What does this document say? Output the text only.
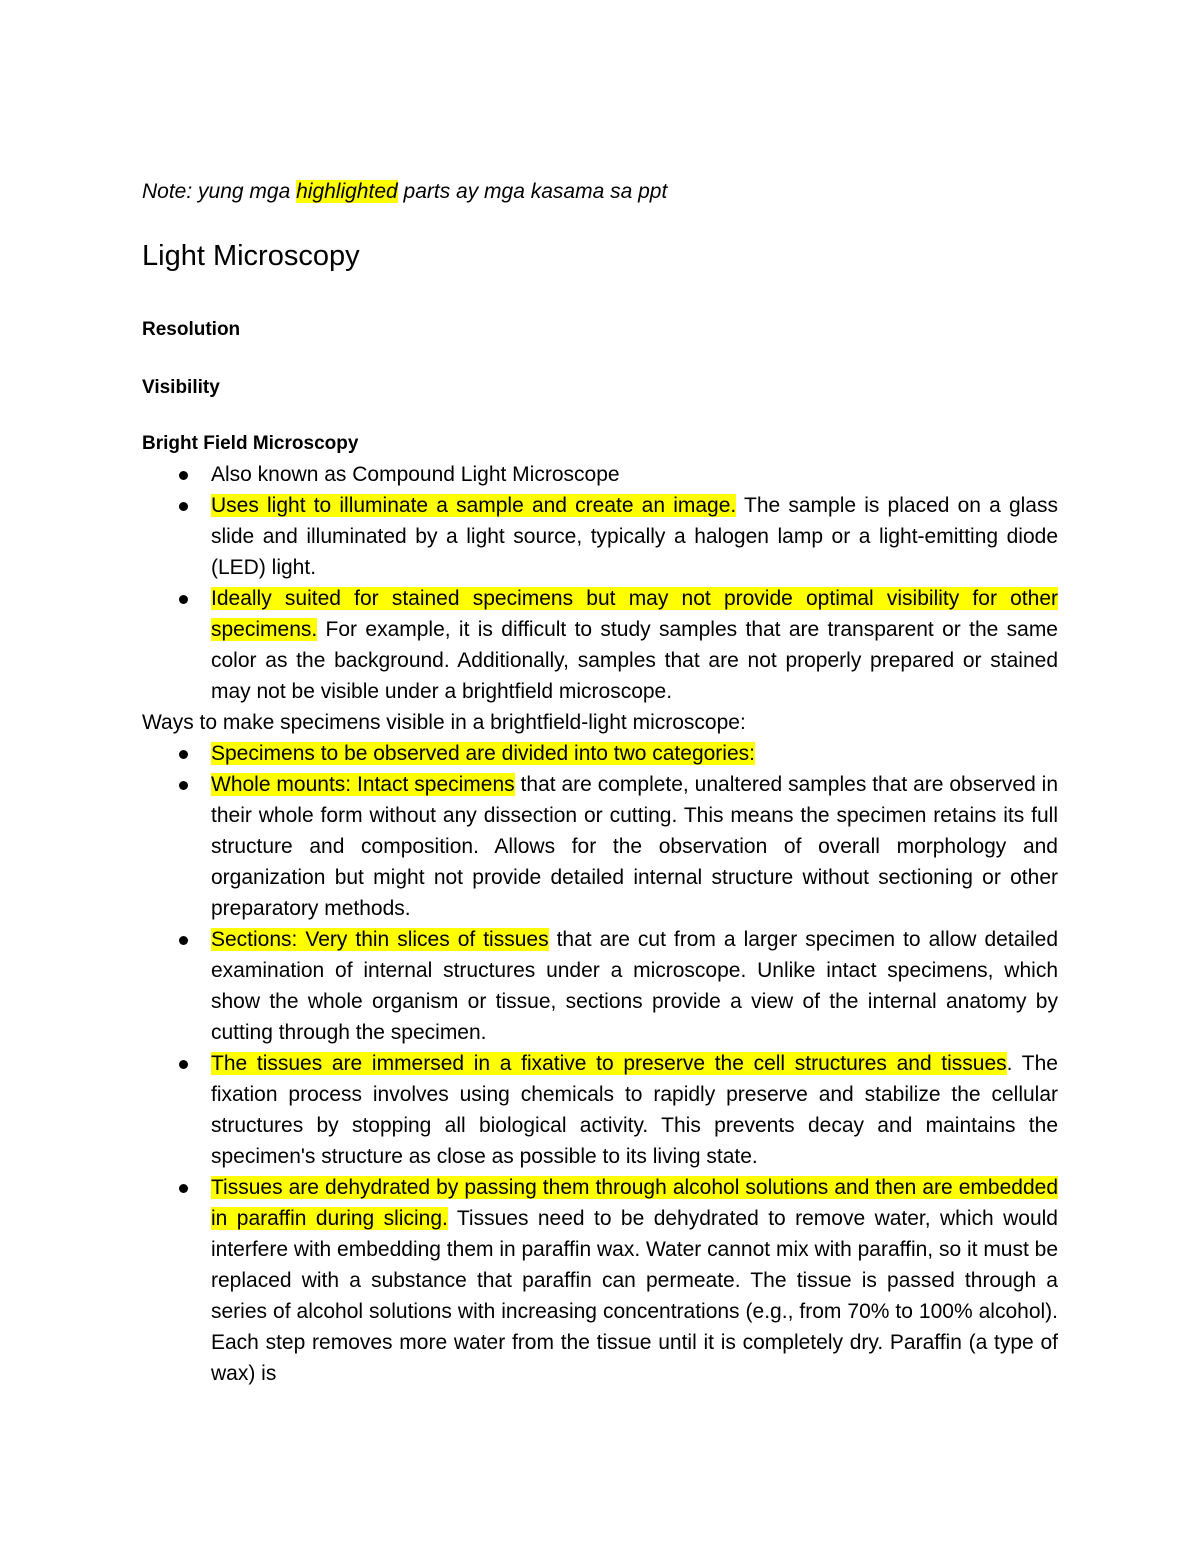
Note: yung mga highlighted parts ay mga kasama sa ppt

Light Microscopy
Resolution
Visibility
Bright Field Microscopy
Also known as Compound Light Microscope
Uses light to illuminate a sample and create an image. The sample is placed on a glass slide and illuminated by a light source, typically a halogen lamp or a light-emitting diode (LED) light.
Ideally suited for stained specimens but may not provide optimal visibility for other specimens. For example, it is difficult to study samples that are transparent or the same color as the background. Additionally, samples that are not properly prepared or stained may not be visible under a brightfield microscope.

Ways to make specimens visible in a brightfield-light microscope:

Specimens to be observed are divided into two categories:
Whole mounts: Intact specimens that are complete, unaltered samples that are observed in their whole form without any dissection or cutting. This means the specimen retains its full structure and composition. Allows for the observation of overall morphology and organization but might not provide detailed internal structure without sectioning or other preparatory methods.
Sections: Very thin slices of tissues that are cut from a larger specimen to allow detailed examination of internal structures under a microscope. Unlike intact specimens, which show the whole organism or tissue, sections provide a view of the internal anatomy by cutting through the specimen.
The tissues are immersed in a fixative to preserve the cell structures and tissues. The fixation process involves using chemicals to rapidly preserve and stabilize the cellular structures by stopping all biological activity. This prevents decay and maintains the specimen's structure as close as possible to its living state.
Tissues are dehydrated by passing them through alcohol solutions and then are embedded in paraffin during slicing. Tissues need to be dehydrated to remove water, which would interfere with embedding them in paraffin wax. Water cannot mix with paraffin, so it must be replaced with a substance that paraffin can permeate. The tissue is passed through a series of alcohol solutions with increasing concentrations (e.g., from 70% to 100% alcohol). Each step removes more water from the tissue until it is completely dry. Paraffin (a type of wax) is
